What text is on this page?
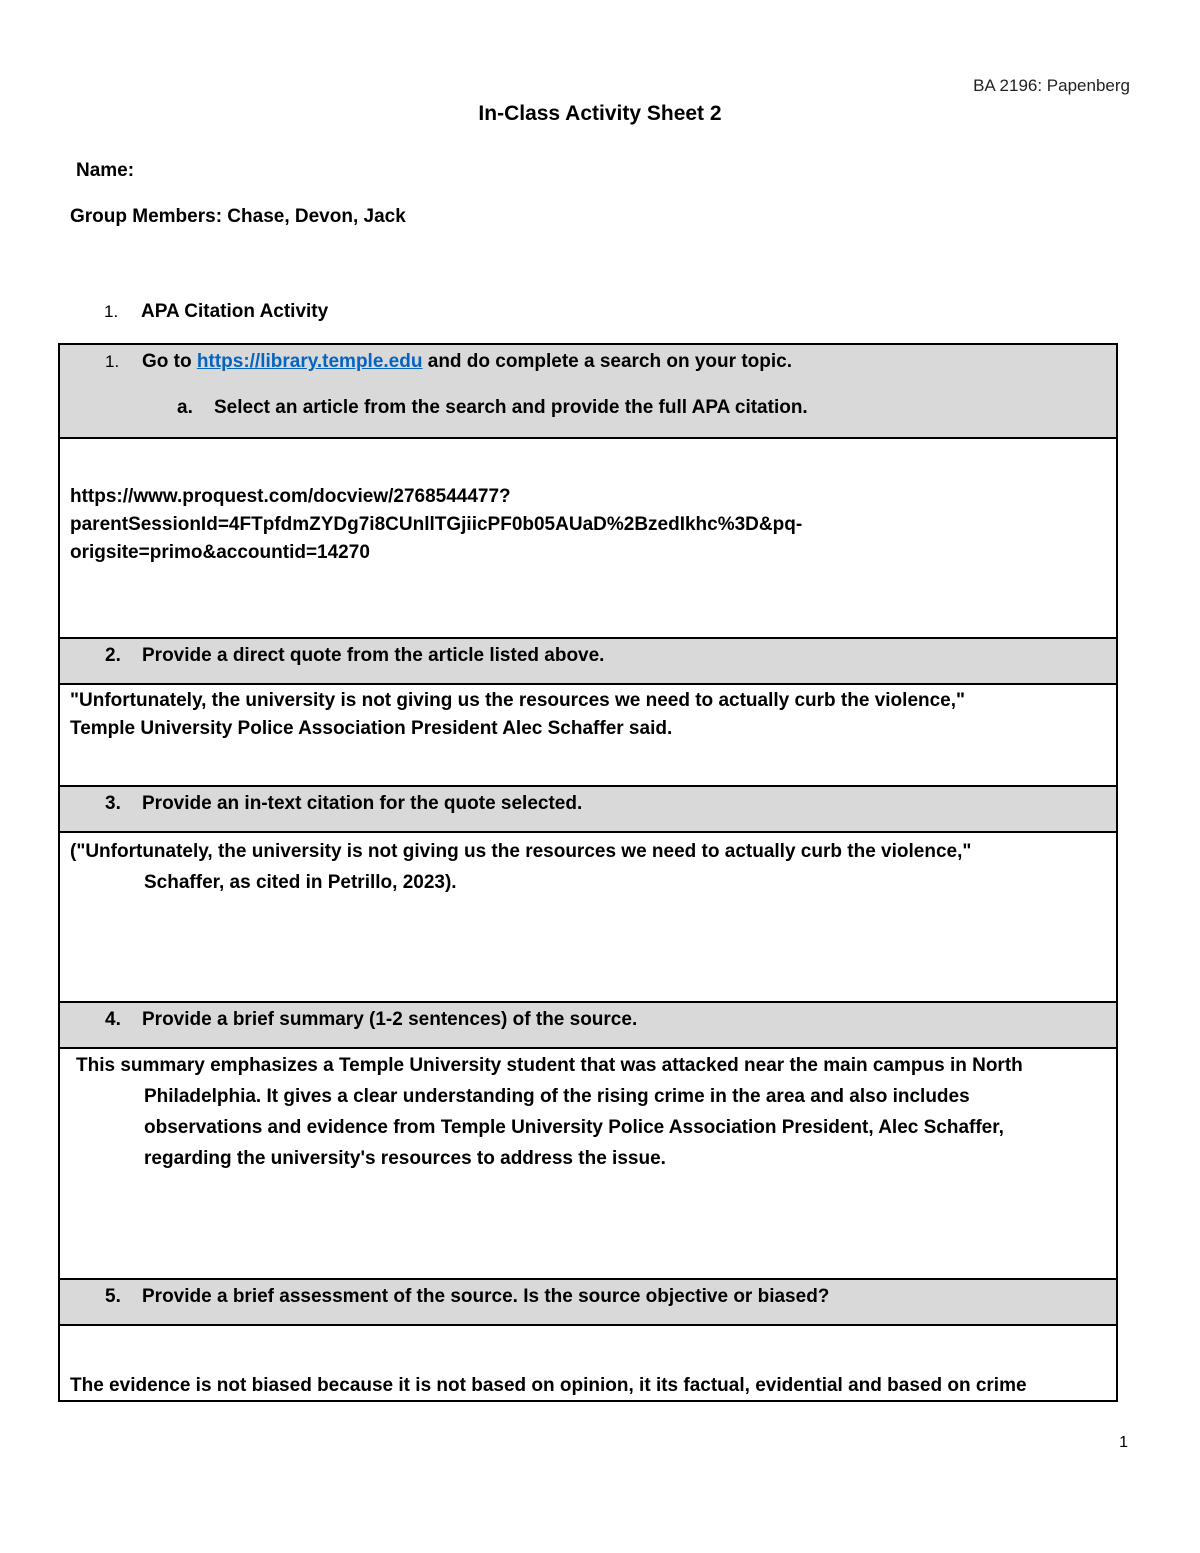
BA 2196: Papenberg
In-Class Activity Sheet 2
Name:
Group Members: Chase, Devon, Jack
1. APA Citation Activity
1. Go to https://library.temple.edu and do complete a search on your topic.
a. Select an article from the search and provide the full APA citation.

https://www.proquest.com/docview/2768544477?
parentSessionId=4FTpfdmZYDg7i8CUnllTGjiicPF0b05AUaD%2BzedIkhc%3D&pq-
origsite=primo&accountid=14270

2. Provide a direct quote from the article listed above.

"Unfortunately, the university is not giving us the resources we need to actually curb the violence,"
Temple University Police Association President Alec Schaffer said.

3. Provide an in-text citation for the quote selected.

("Unfortunately, the university is not giving us the resources we need to actually curb the violence,"
Schaffer, as cited in Petrillo, 2023).

4. Provide a brief summary (1-2 sentences) of the source.

This summary emphasizes a Temple University student that was attacked near the main campus in North
Philadelphia. It gives a clear understanding of the rising crime in the area and also includes
observations and evidence from Temple University Police Association President, Alec Schaffer,
regarding the university's resources to address the issue.

5. Provide a brief assessment of the source. Is the source objective or biased?

The evidence is not biased because it is not based on opinion, it its factual, evidential and based on crime
1
